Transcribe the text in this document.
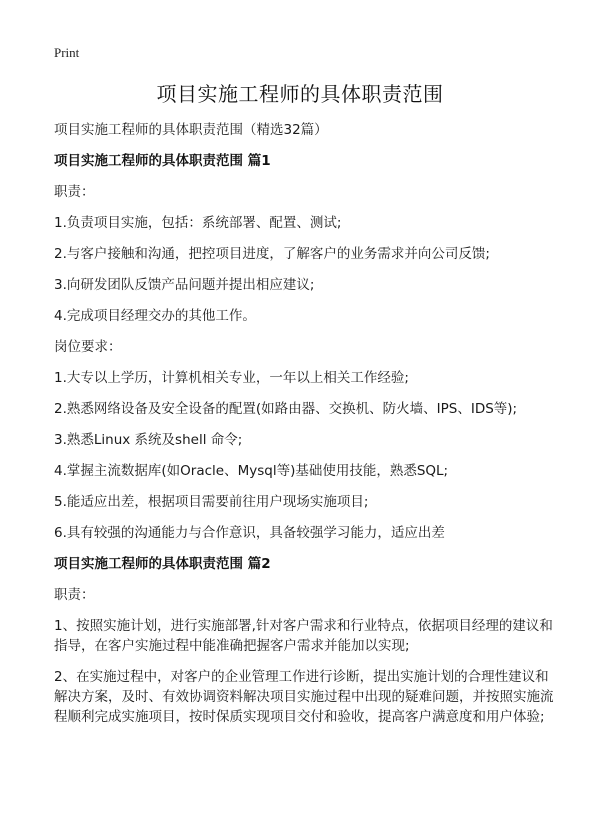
Print
项目实施工程师的具体职责范围
项目实施工程师的具体职责范围（精选32篇）
项目实施工程师的具体职责范围 篇1
职责：
1.负责项目实施，包括：系统部署、配置、测试;
2.与客户接触和沟通，把控项目进度，了解客户的业务需求并向公司反馈;
3.向研发团队反馈产品问题并提出相应建议;
4.完成项目经理交办的其他工作。
岗位要求：
1.大专以上学历，计算机相关专业，一年以上相关工作经验;
2.熟悉网络设备及安全设备的配置(如路由器、交换机、防火墙、IPS、IDS等);
3.熟悉Linux 系统及shell 命令;
4.掌握主流数据库(如Oracle、Mysql等)基础使用技能，熟悉SQL;
5.能适应出差，根据项目需要前往用户现场实施项目;
6.具有较强的沟通能力与合作意识，具备较强学习能力，适应出差
项目实施工程师的具体职责范围 篇2
职责：
1、按照实施计划，进行实施部署,针对客户需求和行业特点，依据项目经理的建议和指导，在客户实施过程中能准确把握客户需求并能加以实现;
2、在实施过程中，对客户的企业管理工作进行诊断，提出实施计划的合理性建议和解决方案，及时、有效协调资料解决项目实施过程中出现的疑难问题，并按照实施流程顺利完成实施项目，按时保质实现项目交付和验收，提高客户满意度和用户体验;
